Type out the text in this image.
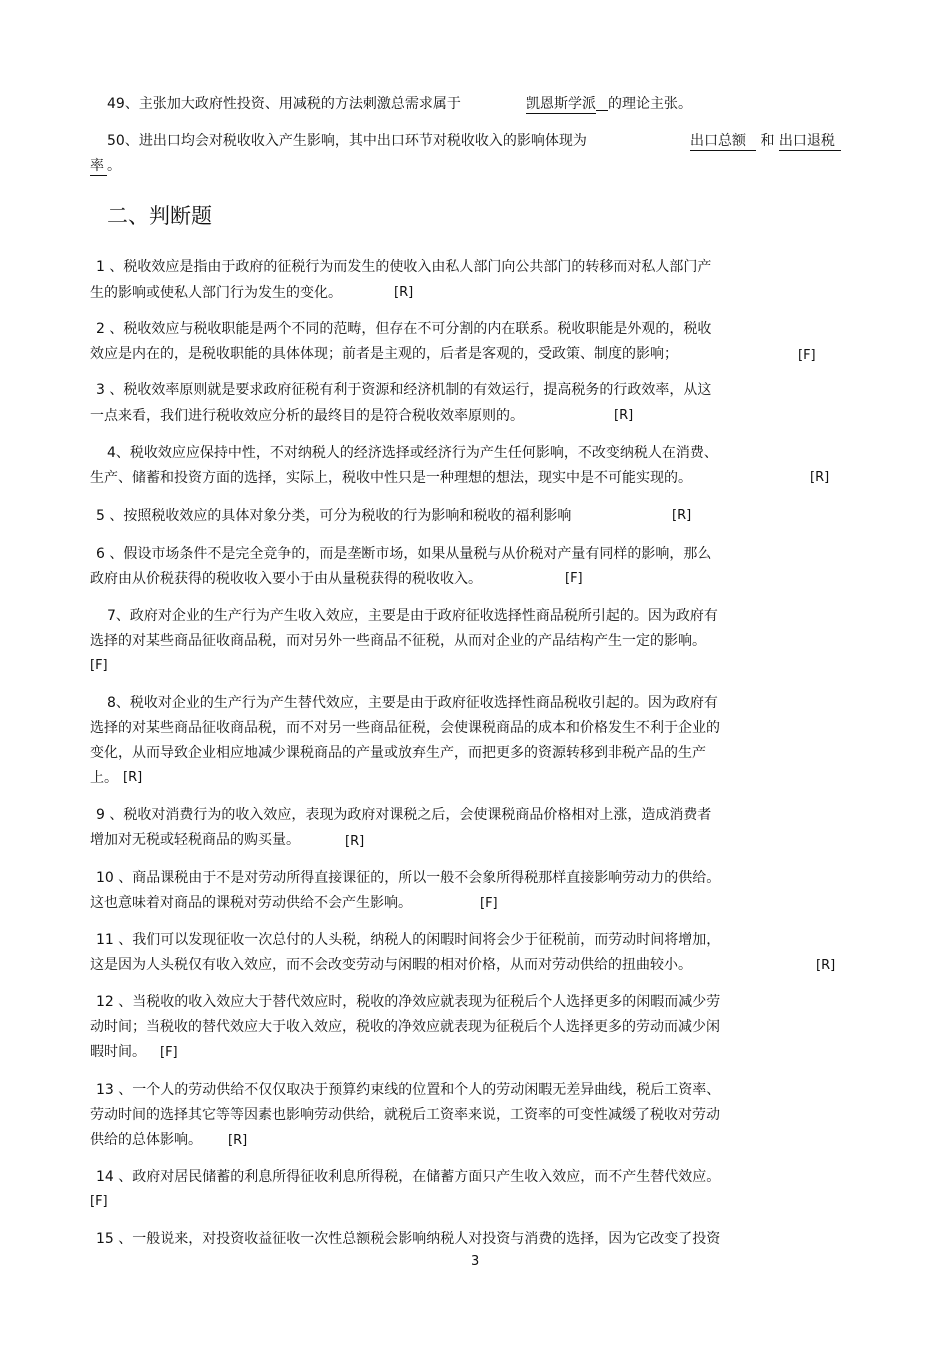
49、主张加大政府性投资、用减税的方法刺激总需求属于	凯恩斯学派 的理论主张。
50、进出口均会对税收收入产生影响，其中出口环节对税收收入的影响体现为	出口总额 和 出口退税
率 。
二、判断题
1 、税收效应是指由于政府的征税行为而发生的使收入由私人部门向公共部门的转移而对私人部门产
生的影响或使私人部门行为发生的变化。	[R]
2 、税收效应与税收职能是两个不同的范畴，但存在不可分割的内在联系。税收职能是外观的，税收
效应是内在的，是税收职能的具体体现；前者是主观的，后者是客观的，受政策、制度的影响；	[F]
3 、税收效率原则就是要求政府征税有利于资源和经济机制的有效运行，提高税务的行政效率，从这
一点来看，我们进行税收效应分析的最终目的是符合税收效率原则的。	[R]
4、税收效应应保持中性，不对纳税人的经济选择或经济行为产生任何影响，不改变纳税人在消费、
生产、储蓄和投资方面的选择，实际上，税收中性只是一种理想的想法，现实中是不可能实现的。	[R]
5 、按照税收效应的具体对象分类，可分为税收的行为影响和税收的福利影响	[R]
6 、假设市场条件不是完全竞争的，而是垄断市场，如果从量税与从价税对产量有同样的影响，那么
政府由从价税获得的税收收入要小于由从量税获得的税收收入。	[F]
7、政府对企业的生产行为产生收入效应，主要是由于政府征收选择性商品税所引起的。因为政府有
选择的对某些商品征收商品税，而对另外一些商品不征税，从而对企业的产品结构产生一定的影响。
[F]
8、税收对企业的生产行为产生替代效应，主要是由于政府征收选择性商品税收引起的。因为政府有
选择的对某些商品征收商品税，而不对另一些商品征税，会使课税商品的成本和价格发生不利于企业的
变化，从而导致企业相应地减少课税商品的产量或放弃生产，而把更多的资源转移到非税产品的生产
上。 [R]
9 、税收对消费行为的收入效应，表现为政府对课税之后，会使课税商品价格相对上涨，造成消费者
增加对无税或轻税商品的购买量。	[R]
10 、商品课税由于不是对劳动所得直接课征的，所以一般不会象所得税那样直接影响劳动力的供给。
这也意味着对商品的课税对劳动供给不会产生影响。	[F]
11 、我们可以发现征收一次总付的人头税，纳税人的闲暇时间将会少于征税前，而劳动时间将增加，
这是因为人头税仅有收入效应，而不会改变劳动与闲暇的相对价格，从而对劳动供给的扭曲较小。	[R]
12 、当税收的收入效应大于替代效应时，税收的净效应就表现为征税后个人选择更多的闲暇而减少劳
动时间；当税收的替代效应大于收入效应，税收的净效应就表现为征税后个人选择更多的劳动而减少闲
暇时间。 [F]
13 、一个人的劳动供给不仅仅取决于预算约束线的位置和个人的劳动闲暇无差异曲线，税后工资率、
劳动时间的选择其它等等因素也影响劳动供给，就税后工资率来说，工资率的可变性减缓了税收对劳动
供给的总体影响。 [R]
14 、政府对居民储蓄的利息所得征收利息所得税，在储蓄方面只产生收入效应，而不产生替代效应。
[F]
15 、一般说来，对投资收益征收一次性总额税会影响纳税人对投资与消费的选择，因为它改变了投资
3
